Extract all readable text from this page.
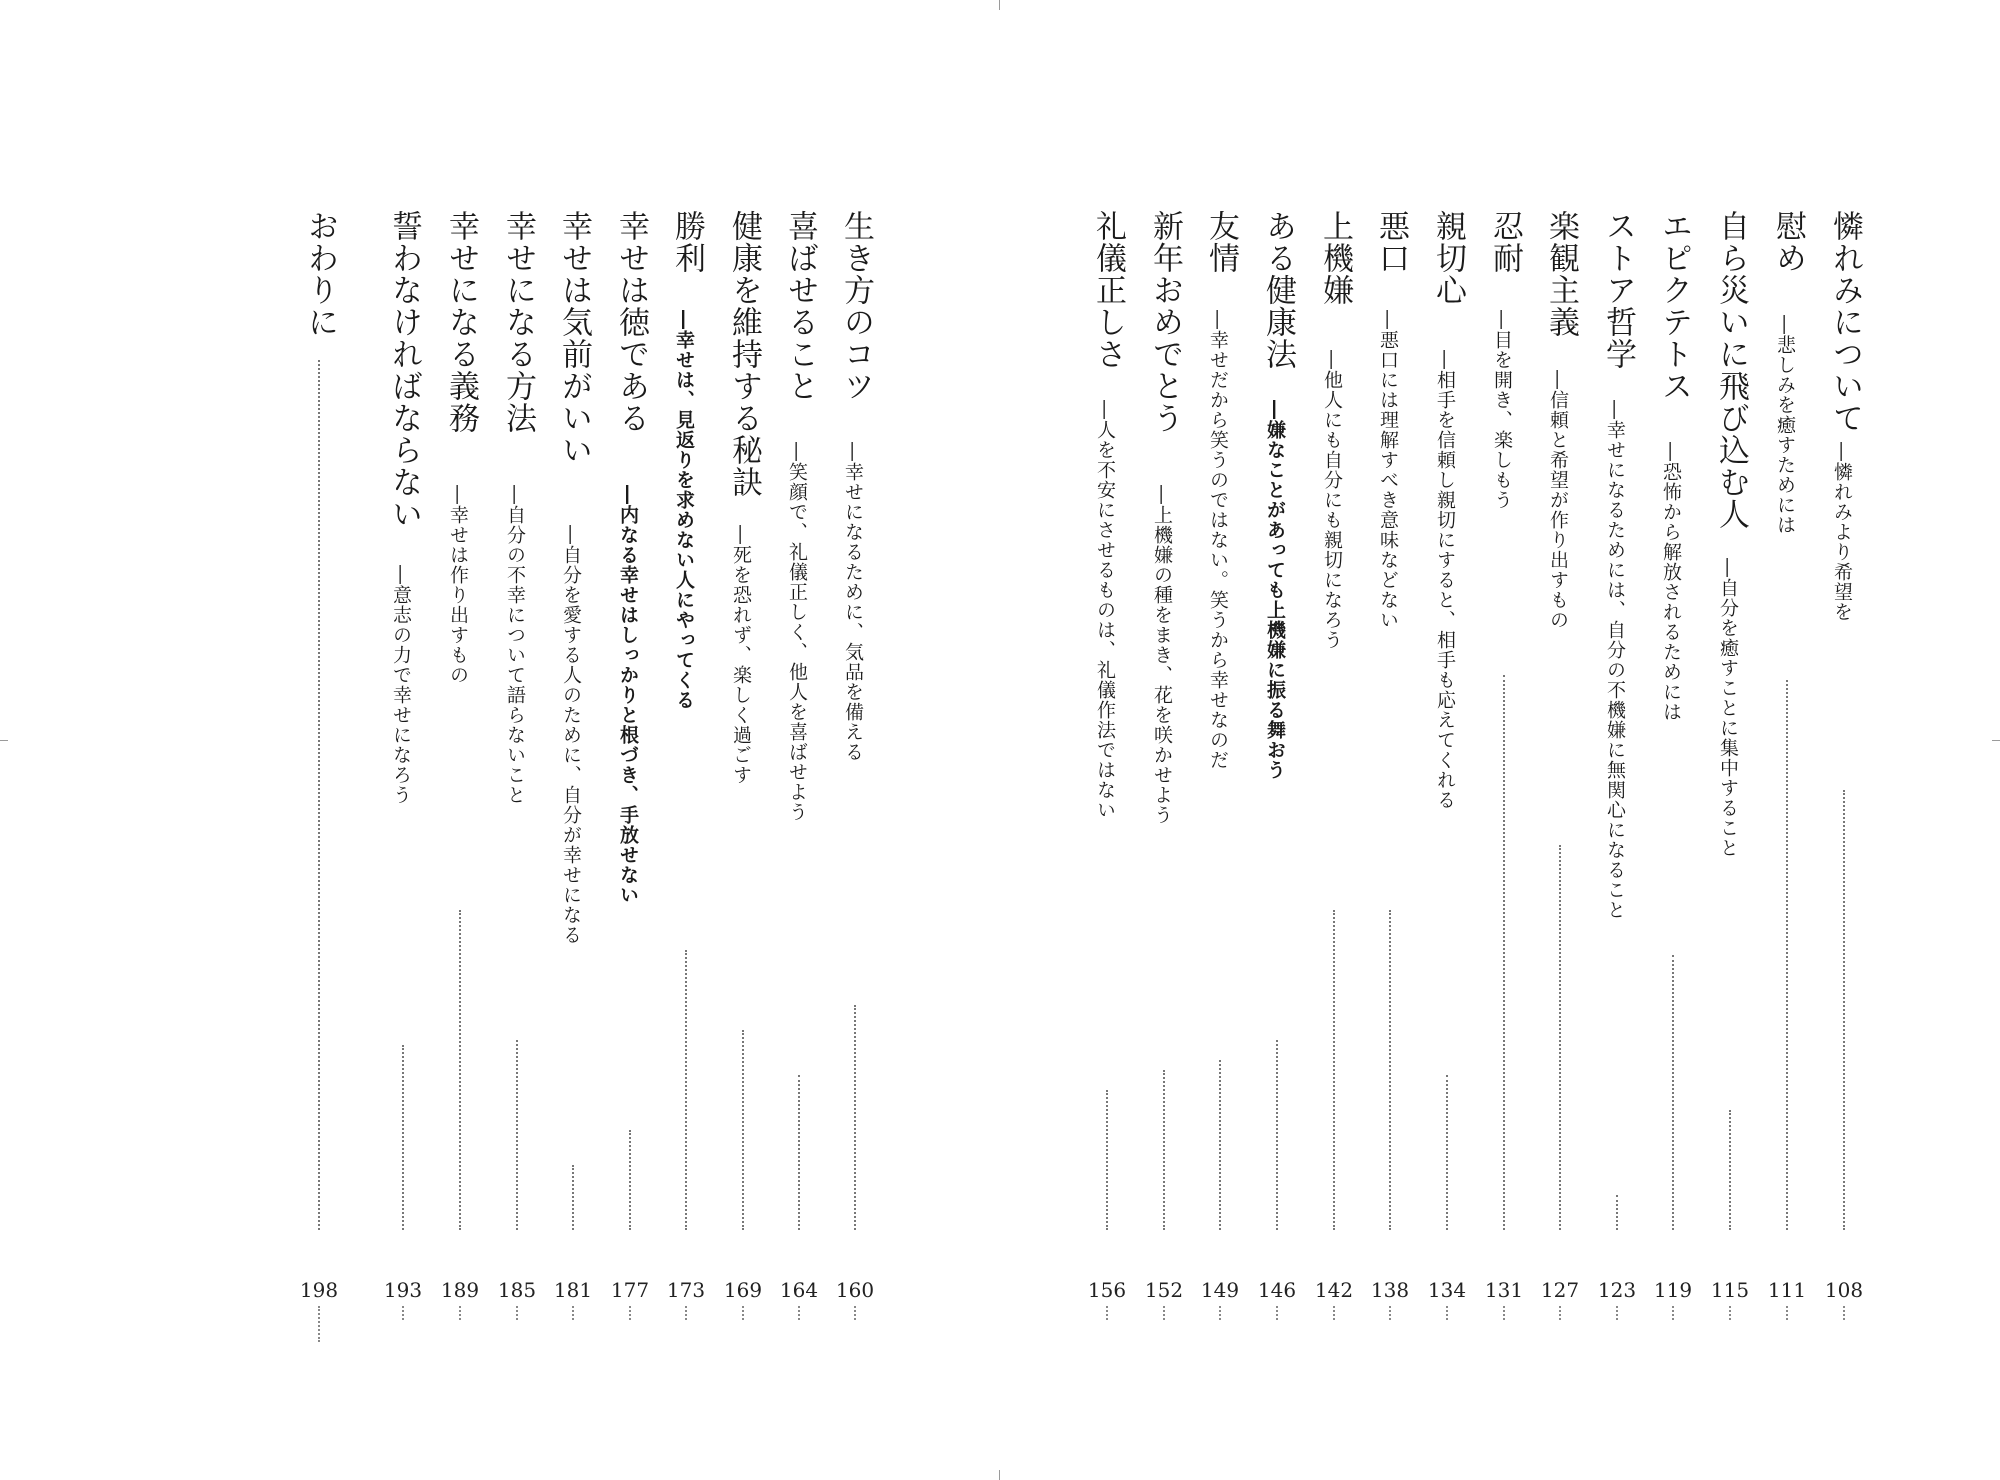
憐れみについて
―憐れみより希望を
108
慰め
―悲しみを癒すためには
111
自ら災いに飛び込む人
―自分を癒すことに集中すること
115
エピクテトス
―恐怖から解放されるためには
119
ストア哲学
―幸せになるためには、自分の不機嫌に無関心になること
123
楽観主義
―信頼と希望が作り出すもの
127
忍耐
―目を開き、楽しもう
131
親切心
―相手を信頼し親切にすると、相手も応えてくれる
134
悪口
―悪口には理解すべき意味などない
138
上機嫌
―他人にも自分にも親切になろう
142
ある健康法
―嫌なことがあっても上機嫌に振る舞おう
146
友情
―幸せだから笑うのではない。笑うから幸せなのだ
149
新年おめでとう
―上機嫌の種をまき、花を咲かせよう
152
礼儀正しさ
―人を不安にさせるものは、礼儀作法ではない
156
生き方のコツ
―幸せになるために、気品を備える
160
喜ばせること
―笑顔で、礼儀正しく、他人を喜ばせよう
164
健康を維持する秘訣
―死を恐れず、楽しく過ごす
169
勝利
―幸せは、見返りを求めない人にやってくる
173
幸せは徳である
―内なる幸せはしっかりと根づき、手放せない
177
幸せは気前がいい
―自分を愛する人のために、自分が幸せになる
181
幸せになる方法
―自分の不幸について語らないこと
185
幸せになる義務
―幸せは作り出すもの
189
誓わなければならない
―意志の力で幸せになろう
193
おわりに
198
